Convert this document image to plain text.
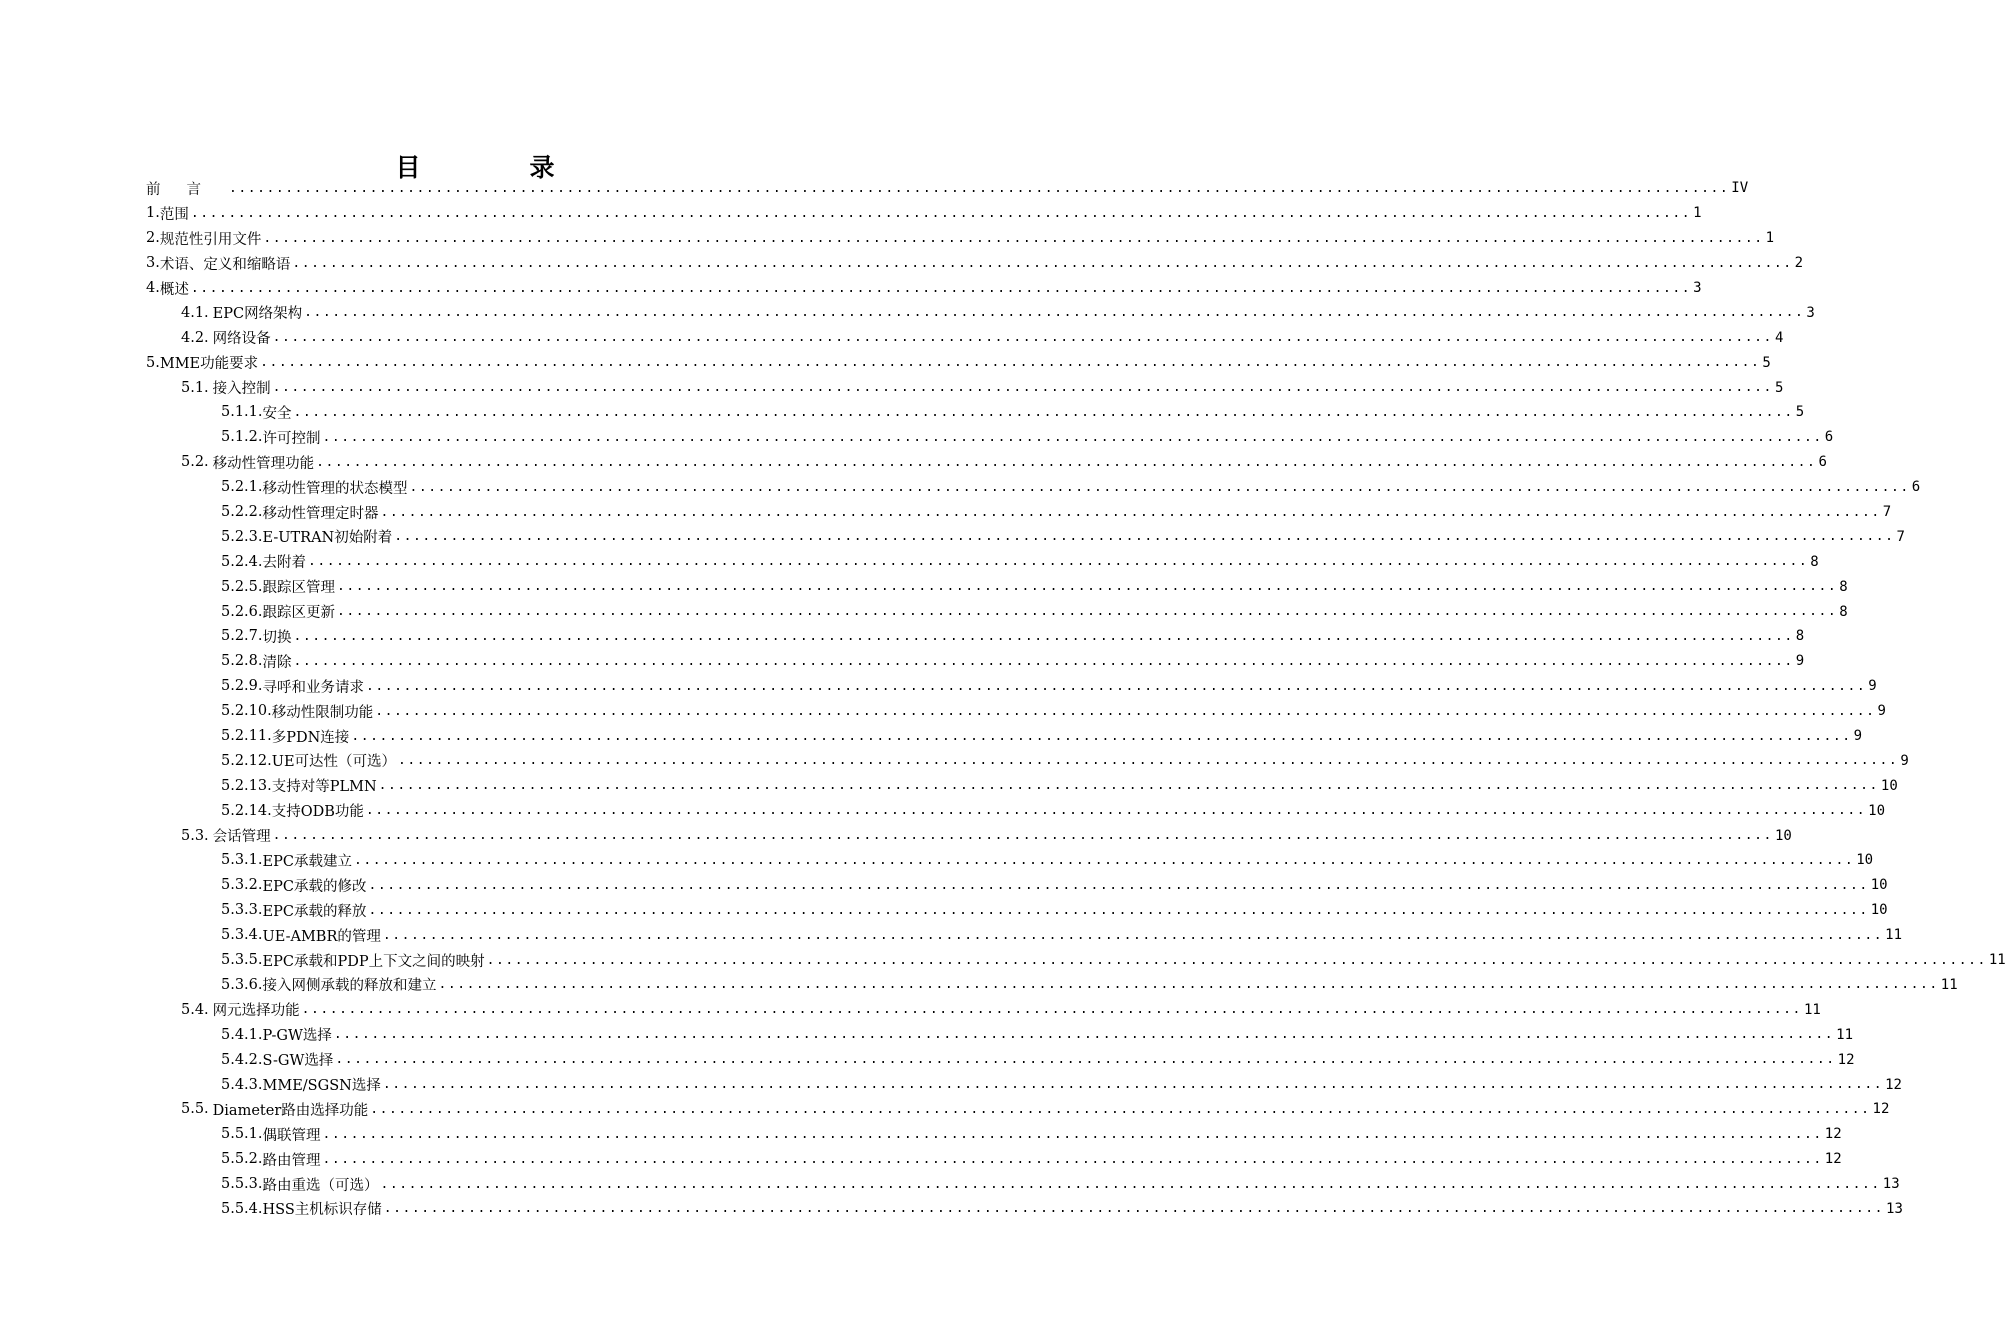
目　录
前言 ................................................................................................................................................................ IV
1. 范围 ................................................................................................................................................................ 1
2. 规范性引用文件 ................................................................................................................................................................ 1
3. 术语、定义和缩略语 ................................................................................................................................................................ 2
4. 概述 ................................................................................................................................................................ 3
4.1. EPC网络架构 ................................................................................................................................................................ 3
4.2. 网络设备 ................................................................................................................................................................ 4
5. MME功能要求 ................................................................................................................................................................ 5
5.1. 接入控制 ................................................................................................................................................................ 5
5.1.1. 安全 ................................................................................................................................................................ 5
5.1.2. 许可控制 ................................................................................................................................................................ 6
5.2. 移动性管理功能 ................................................................................................................................................................ 6
5.2.1. 移动性管理的状态模型 ................................................................................................................................................................ 6
5.2.2. 移动性管理定时器 ................................................................................................................................................................ 7
5.2.3. E-UTRAN初始附着 ................................................................................................................................................................ 7
5.2.4. 去附着 ................................................................................................................................................................ 8
5.2.5. 跟踪区管理 ................................................................................................................................................................ 8
5.2.6. 跟踪区更新 ................................................................................................................................................................ 8
5.2.7. 切换 ................................................................................................................................................................ 8
5.2.8. 清除 ................................................................................................................................................................ 9
5.2.9. 寻呼和业务请求 ................................................................................................................................................................ 9
5.2.10. 移动性限制功能 ................................................................................................................................................................ 9
5.2.11. 多PDN连接 ................................................................................................................................................................ 9
5.2.12. UE可达性（可选） ................................................................................................................................................................ 9
5.2.13. 支持对等PLMN ................................................................................................................................................................ 10
5.2.14. 支持ODB功能 ................................................................................................................................................................ 10
5.3. 会话管理 ................................................................................................................................................................ 10
5.3.1. EPC承载建立 ................................................................................................................................................................ 10
5.3.2. EPC承载的修改 ................................................................................................................................................................ 10
5.3.3. EPC承载的释放 ................................................................................................................................................................ 10
5.3.4. UE-AMBR的管理 ................................................................................................................................................................ 11
5.3.5. EPC承载和PDP上下文之间的映射 ................................................................................................................................................................ 11
5.3.6. 接入网侧承载的释放和建立 ................................................................................................................................................................ 11
5.4. 网元选择功能 ................................................................................................................................................................ 11
5.4.1. P-GW选择 ................................................................................................................................................................ 11
5.4.2. S-GW选择 ................................................................................................................................................................ 12
5.4.3. MME/SGSN选择 ................................................................................................................................................................ 12
5.5. Diameter路由选择功能 ................................................................................................................................................................ 12
5.5.1. 偶联管理 ................................................................................................................................................................ 12
5.5.2. 路由管理 ................................................................................................................................................................ 12
5.5.3. 路由重选（可选） ................................................................................................................................................................ 13
5.5.4. HSS主机标识存储 ................................................................................................................................................................ 13
